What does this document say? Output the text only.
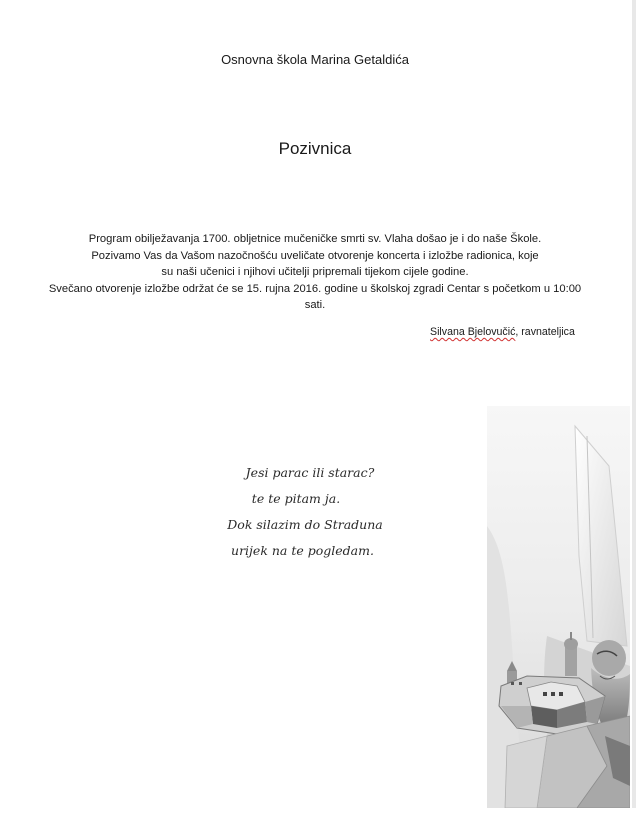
Osnovna škola Marina Getaldića
Pozivnica
Program obilježavanja 1700. obljetnice mučeničke smrti sv. Vlaha došao je i do naše Škole.
Pozivamo Vas da Vašom nazočnošću uveličate otvorenje koncerta i izložbe radionica, koje
su naši učenici i njihovi učitelji pripremali tijekom cijele godine.
Svečano otvorenje izložbe održat će se 15. rujna 2016. godine u školskoj zgradi Centar s početkom u 10:00
sati.
Silvana Bjelovučić, ravnateljica
Jesi parac ili starac?
te te pitam ja.
Dok silazim do Straduna
urijek na te pogledam.
